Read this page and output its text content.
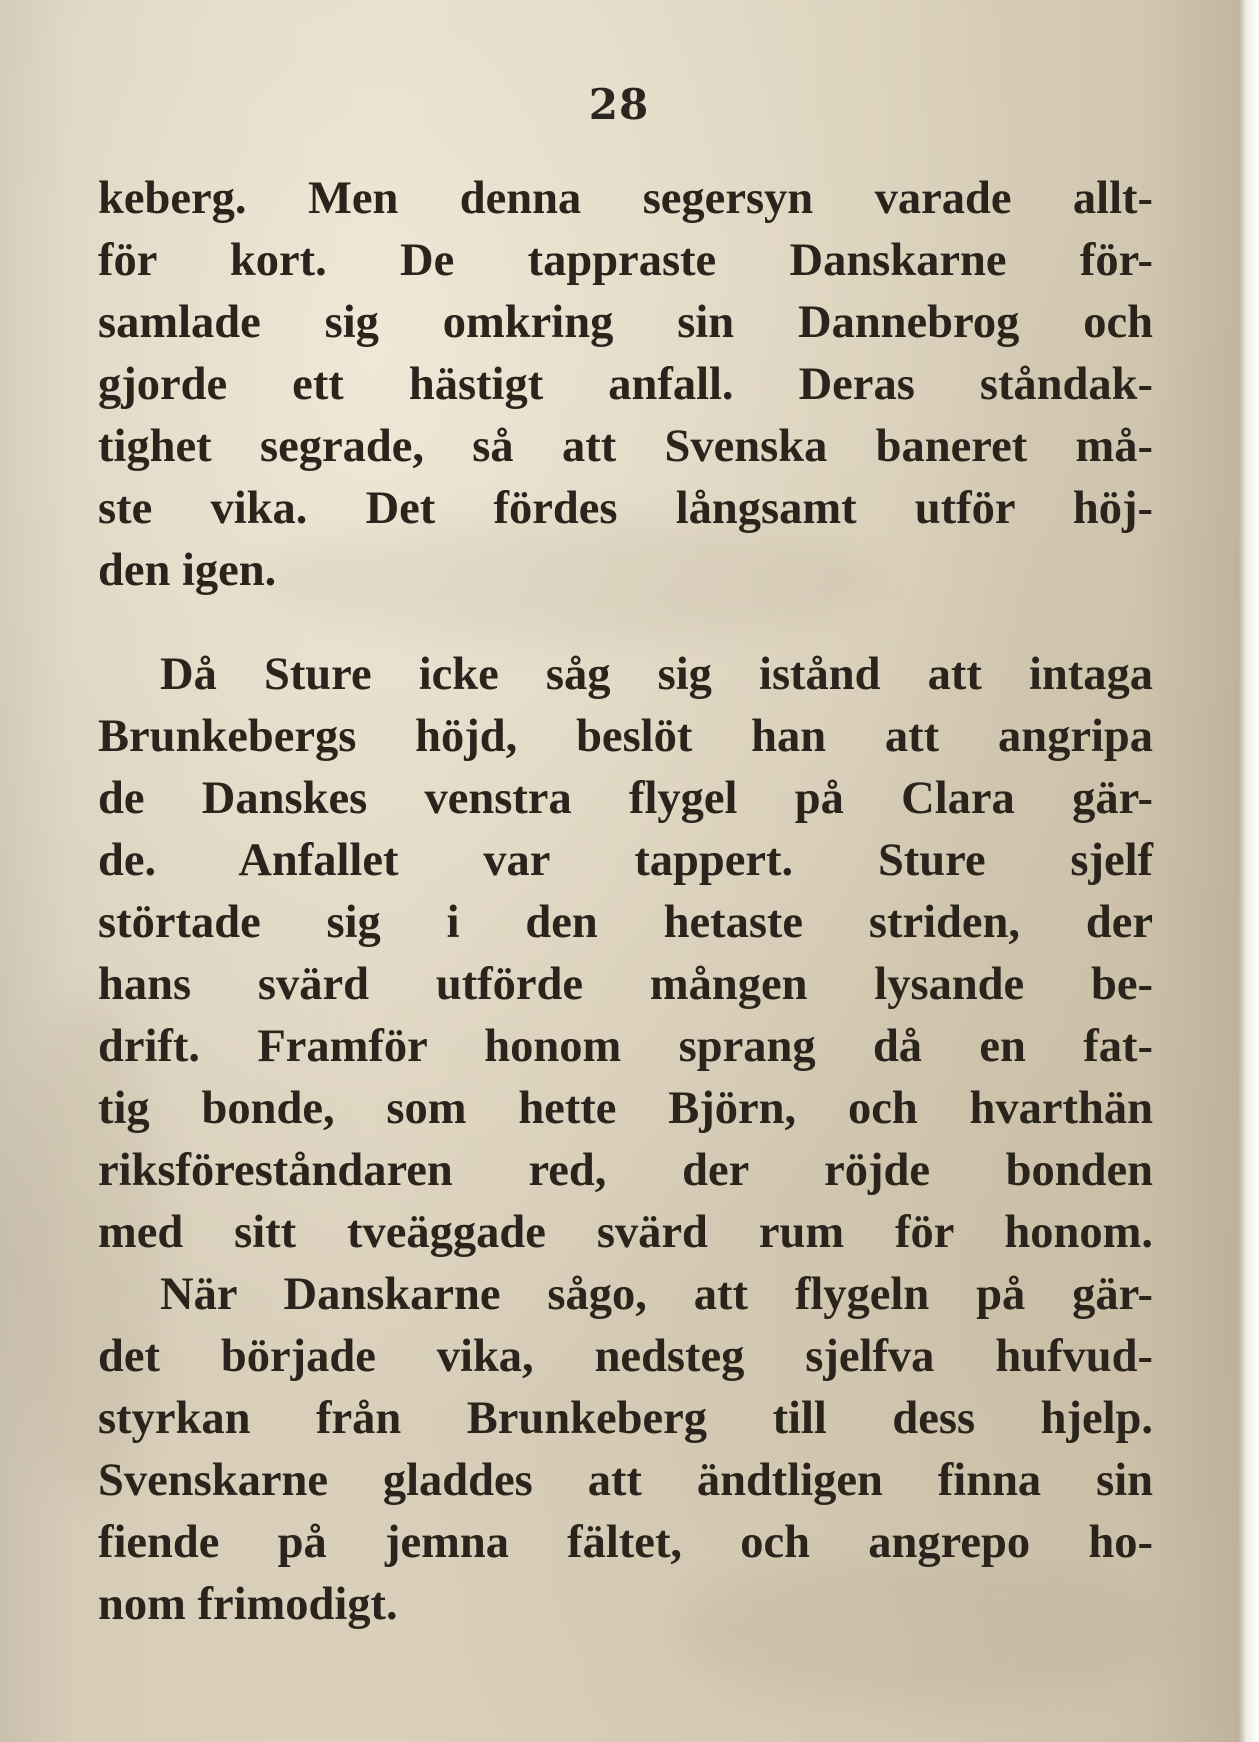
28
keberg. Men denna segersyn varade allt-
för kort. De tappraste Danskarne för-
samlade sig omkring sin Dannebrog och
gjorde ett hästigt anfall. Deras ståndak-
tighet segrade, så att Svenska baneret må-
ste vika. Det fördes långsamt utför höj-
den igen.
Då Sture icke såg sig istånd att intaga
Brunkebergs höjd, beslöt han att angripa
de Danskes venstra flygel på Clara gär-
de. Anfallet var tappert. Sture sjelf
störtade sig i den hetaste striden, der
hans svärd utförde mången lysande be-
drift. Framför honom sprang då en fat-
tig bonde, som hette Björn, och hvarthän
riksföreståndaren red, der röjde bonden
med sitt tveäggade svärd rum för honom.
När Danskarne sågo, att flygeln på gär-
det började vika, nedsteg sjelfva hufvud-
styrkan från Brunkeberg till dess hjelp.
Svenskarne gladdes att ändtligen finna sin
fiende på jemna fältet, och angrepo ho-
nom frimodigt.
